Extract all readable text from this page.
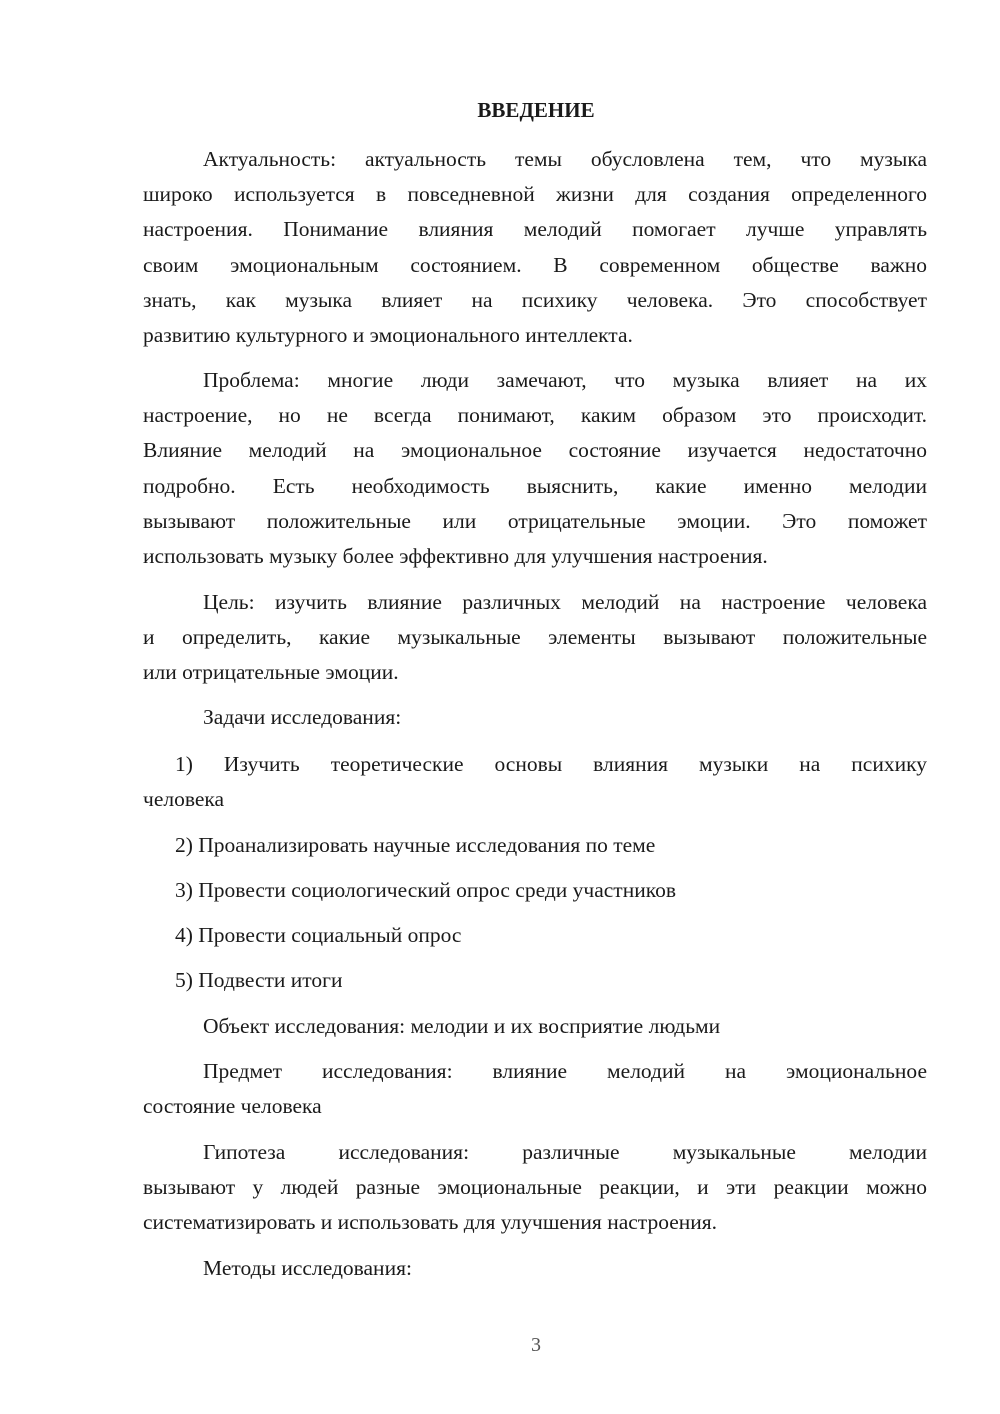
ВВЕДЕНИЕ
Актуальность: актуальность темы обусловлена тем, что музыка
широко используется в повседневной жизни для создания определенного
настроения. Понимание влияния мелодий помогает лучше управлять
своим эмоциональным состоянием. В современном обществе важно
знать, как музыка влияет на психику человека. Это способствует
развитию культурного и эмоционального интеллекта.
Проблема: многие люди замечают, что музыка влияет на их
настроение, но не всегда понимают, каким образом это происходит.
Влияние мелодий на эмоциональное состояние изучается недостаточно
подробно. Есть необходимость выяснить, какие именно мелодии
вызывают положительные или отрицательные эмоции. Это поможет
использовать музыку более эффективно для улучшения настроения.
Цель: изучить влияние различных мелодий на настроение человека
и определить, какие музыкальные элементы вызывают положительные
или отрицательные эмоции.
Задачи исследования:
1) Изучить теоретические основы влияния музыки на психику
человека
2) Проанализировать научные исследования по теме
3) Провести социологический опрос среди участников
4) Провести социальный опрос
5) Подвести итоги
Объект исследования: мелодии и их восприятие людьми
Предмет исследования: влияние мелодий на эмоциональное
состояние человека
Гипотеза исследования: различные музыкальные мелодии
вызывают у людей разные эмоциональные реакции, и эти реакции можно
систематизировать и использовать для улучшения настроения.
Методы исследования:
3
